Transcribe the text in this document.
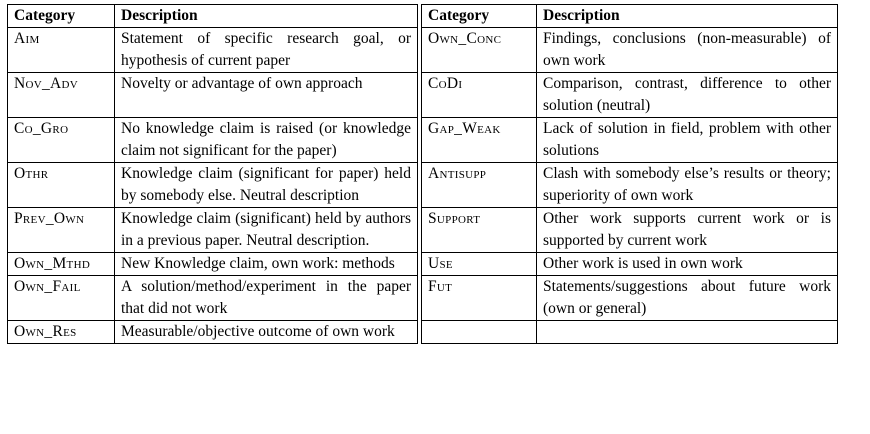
Category	Description		Category	Description
Aim	Statement of specific research goal, or hypothesis of current paper		Own_Conc	Findings, conclusions (non-measurable) of own work
Nov_Adv	Novelty or advantage of own approach		CoDi	Comparison, contrast, difference to other solution (neutral)
Co_Gro	No knowledge claim is raised (or knowledge claim not significant for the paper)		Gap_Weak	Lack of solution in field, problem with other solutions
Othr	Knowledge claim (significant for paper) held by somebody else. Neutral description		Antisupp	Clash with somebody else’s results or theory; superiority of own work
Prev_Own	Knowledge claim (significant) held by authors in a previous paper. Neutral description.		Support	Other work supports current work or is supported by current work
Own_Mthd	New Knowledge claim, own work: methods		Use	Other work is used in own work
Own_Fail	A solution/method/experiment in the paper that did not work		Fut	Statements/suggestions about future work (own or general)
Own_Res	Measurable/objective outcome of own work			
